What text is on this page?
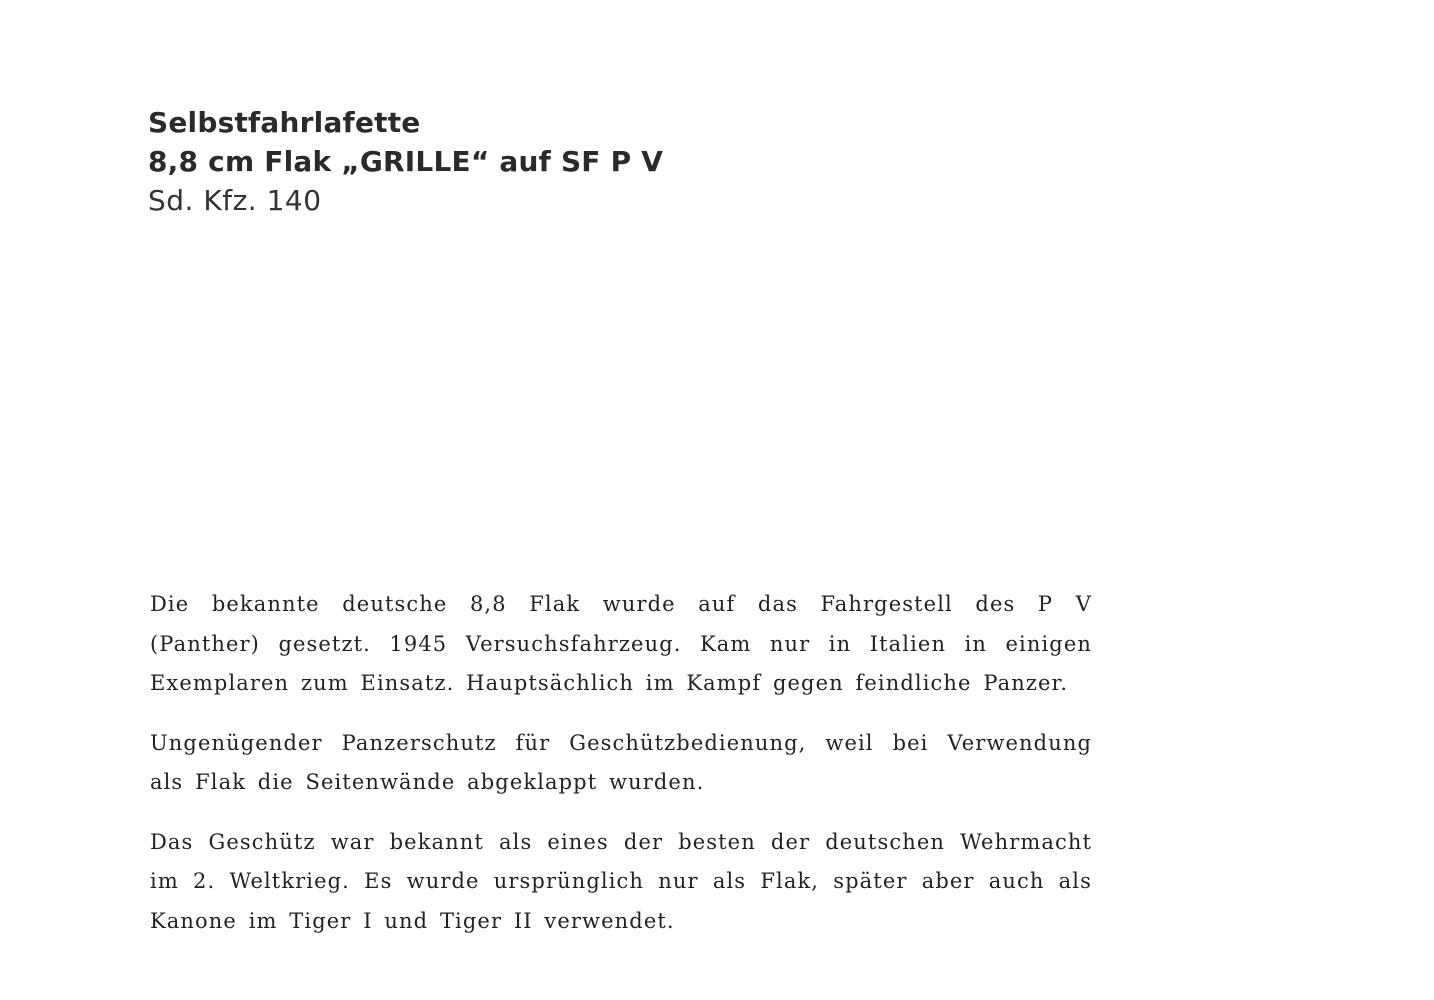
Selbstfahrlafette
8,8 cm Flak „GRILLE“ auf SF P V
Sd. Kfz. 140

Die bekannte deutsche 8,8 Flak wurde auf das Fahrgestell des P V (Panther) gesetzt. 1945 Versuchsfahrzeug. Kam nur in Italien in einigen Exemplaren zum Einsatz. Hauptsächlich im Kampf gegen feindliche Panzer.

Ungenügender Panzerschutz für Geschützbedienung, weil bei Verwendung als Flak die Seitenwände abgeklappt wurden.

Das Geschütz war bekannt als eines der besten der deutschen Wehrmacht im 2. Weltkrieg. Es wurde ursprünglich nur als Flak, später aber auch als Kanone im Tiger I und Tiger II verwendet.
